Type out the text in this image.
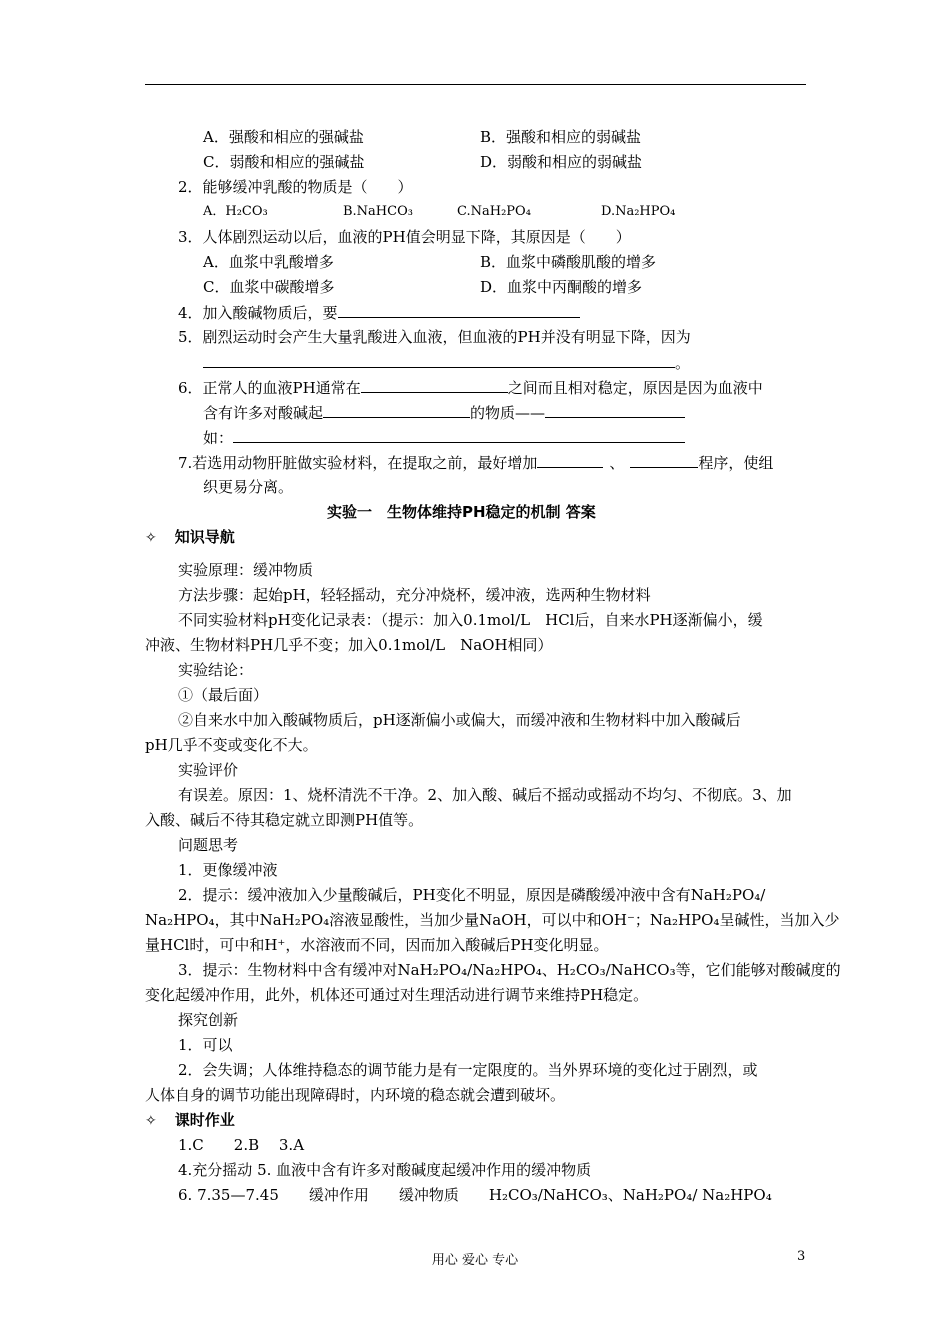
A．强酸和相应的强碱盐	B．强酸和相应的弱碱盐
C．弱酸和相应的强碱盐	D．弱酸和相应的弱碱盐
2．能够缓冲乳酸的物质是（　　）
A．H₂CO₃	B.NaHCO₃	C.NaH₂PO₄	D.Na₂HPO₄
3．人体剧烈运动以后，血液的PH值会明显下降，其原因是（　　）
A．血浆中乳酸增多	B．血浆中磷酸肌酸的增多
C．血浆中碳酸增多	D．血浆中丙酮酸的增多
4．加入酸碱物质后，要
5．剧烈运动时会产生大量乳酸进入血液，但血液的PH并没有明显下降，因为
。
6．正常人的血液PH通常在	之间而且相对稳定，原因是因为血液中
含有许多对酸碱起	的物质——
如：
7.若选用动物肝脏做实验材料，在提取之前，最好增加	、	程序，使组
织更易分离。
实验一　生物体维持PH稳定的机制 答案
✧ 知识导航
实验原理：缓冲物质
方法步骤：起始pH，轻轻摇动，充分冲烧杯，缓冲液，选两种生物材料
不同实验材料pH变化记录表：（提示：加入0.1mol/L　HCl后，自来水PH逐渐偏小，缓
冲液、生物材料PH几乎不变；加入0.1mol/L　NaOH相同）
实验结论：
①（最后面）
②自来水中加入酸碱物质后，pH逐渐偏小或偏大，而缓冲液和生物材料中加入酸碱后
pH几乎不变或变化不大。
实验评价
有误差。原因：1、烧杯清洗不干净。2、加入酸、碱后不摇动或摇动不均匀、不彻底。3、加
入酸、碱后不待其稳定就立即测PH值等。
问题思考
1．更像缓冲液
2．提示：缓冲液加入少量酸碱后，PH变化不明显，原因是磷酸缓冲液中含有NaH₂PO₄/
Na₂HPO₄，其中NaH₂PO₄溶液显酸性，当加少量NaOH，可以中和OH⁻；Na₂HPO₄呈碱性，当加入少
量HCl时，可中和H⁺，水溶液而不同，因而加入酸碱后PH变化明显。
3．提示：生物材料中含有缓冲对NaH₂PO₄/Na₂HPO₄、H₂CO₃/NaHCO₃等，它们能够对酸碱度的
变化起缓冲作用，此外，机体还可通过对生理活动进行调节来维持PH稳定。
探究创新
1．可以
2．会失调；人体维持稳态的调节能力是有一定限度的。当外界环境的变化过于剧烈，或
人体自身的调节功能出现障碍时，内环境的稳态就会遭到破坏。
✧ 课时作业
1.C　　2.B　 3.A
4.充分摇动 5. 血液中含有许多对酸碱度起缓冲作用的缓冲物质
6. 7.35—7.45　　缓冲作用　　缓冲物质　　H₂CO₃/NaHCO₃、NaH₂PO₄/ Na₂HPO₄
用心 爱心 专心	3
